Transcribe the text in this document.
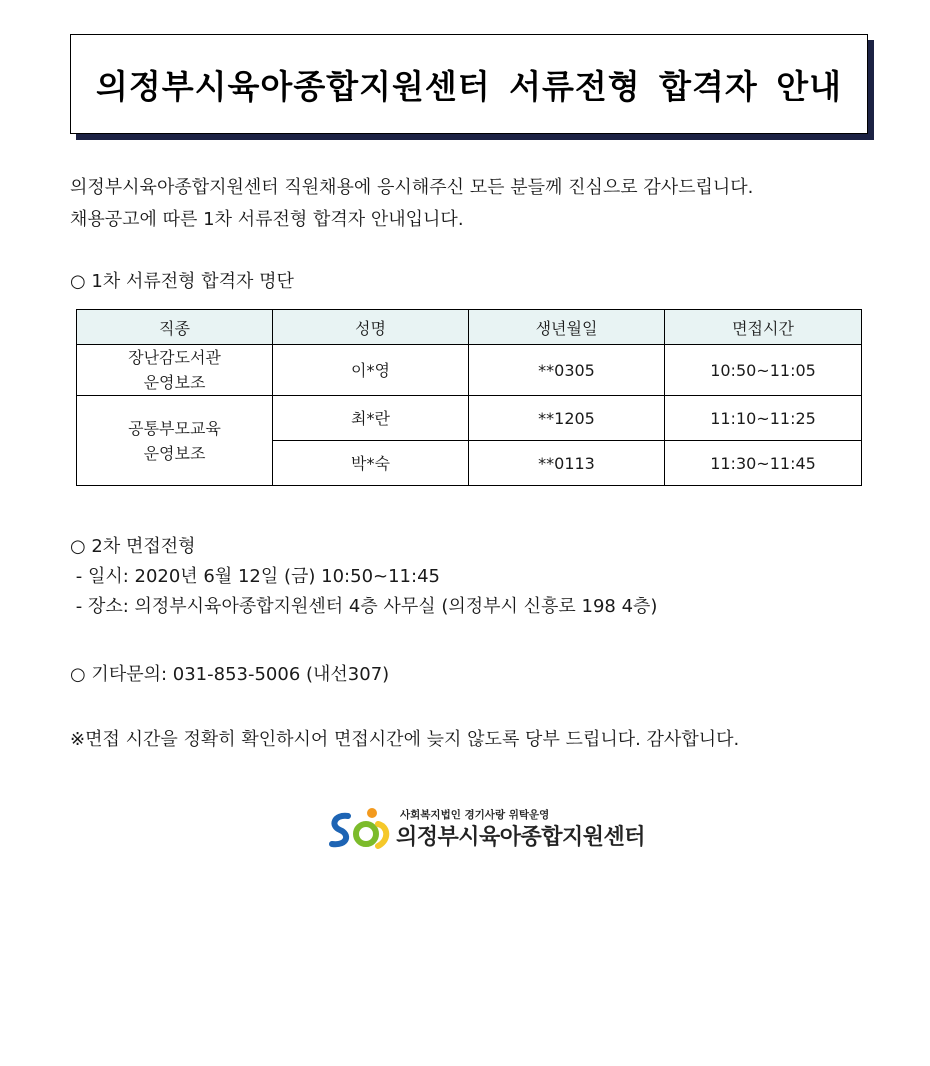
의정부시육아종합지원센터 서류전형 합격자 안내

의정부시육아종합지원센터 직원채용에 응시해주신 모든 분들께 진심으로 감사드립니다.

채용공고에 따른 1차 서류전형 합격자 안내입니다.

○ 1차 서류전형 합격자 명단

직종	성명	생년월일	면접시간

장난감도서관
운영보조	이*영	**0305	10:50~11:05

공통부모교육
운영보조	최*란	**1205	11:10~11:25
	박*숙	**0113	11:30~11:45

○ 2차 면접전형

- 일시: 2020년 6월 12일 (금) 10:50~11:45

- 장소: 의정부시육아종합지원센터 4층 사무실 (의정부시 신흥로 198 4층)

○ 기타문의: 031-853-5006 (내선307)

※면접 시간을 정확히 확인하시어 면접시간에 늦지 않도록 당부 드립니다. 감사합니다.

사회복지법인 경기사랑 위탁운영
의정부시육아종합지원센터
